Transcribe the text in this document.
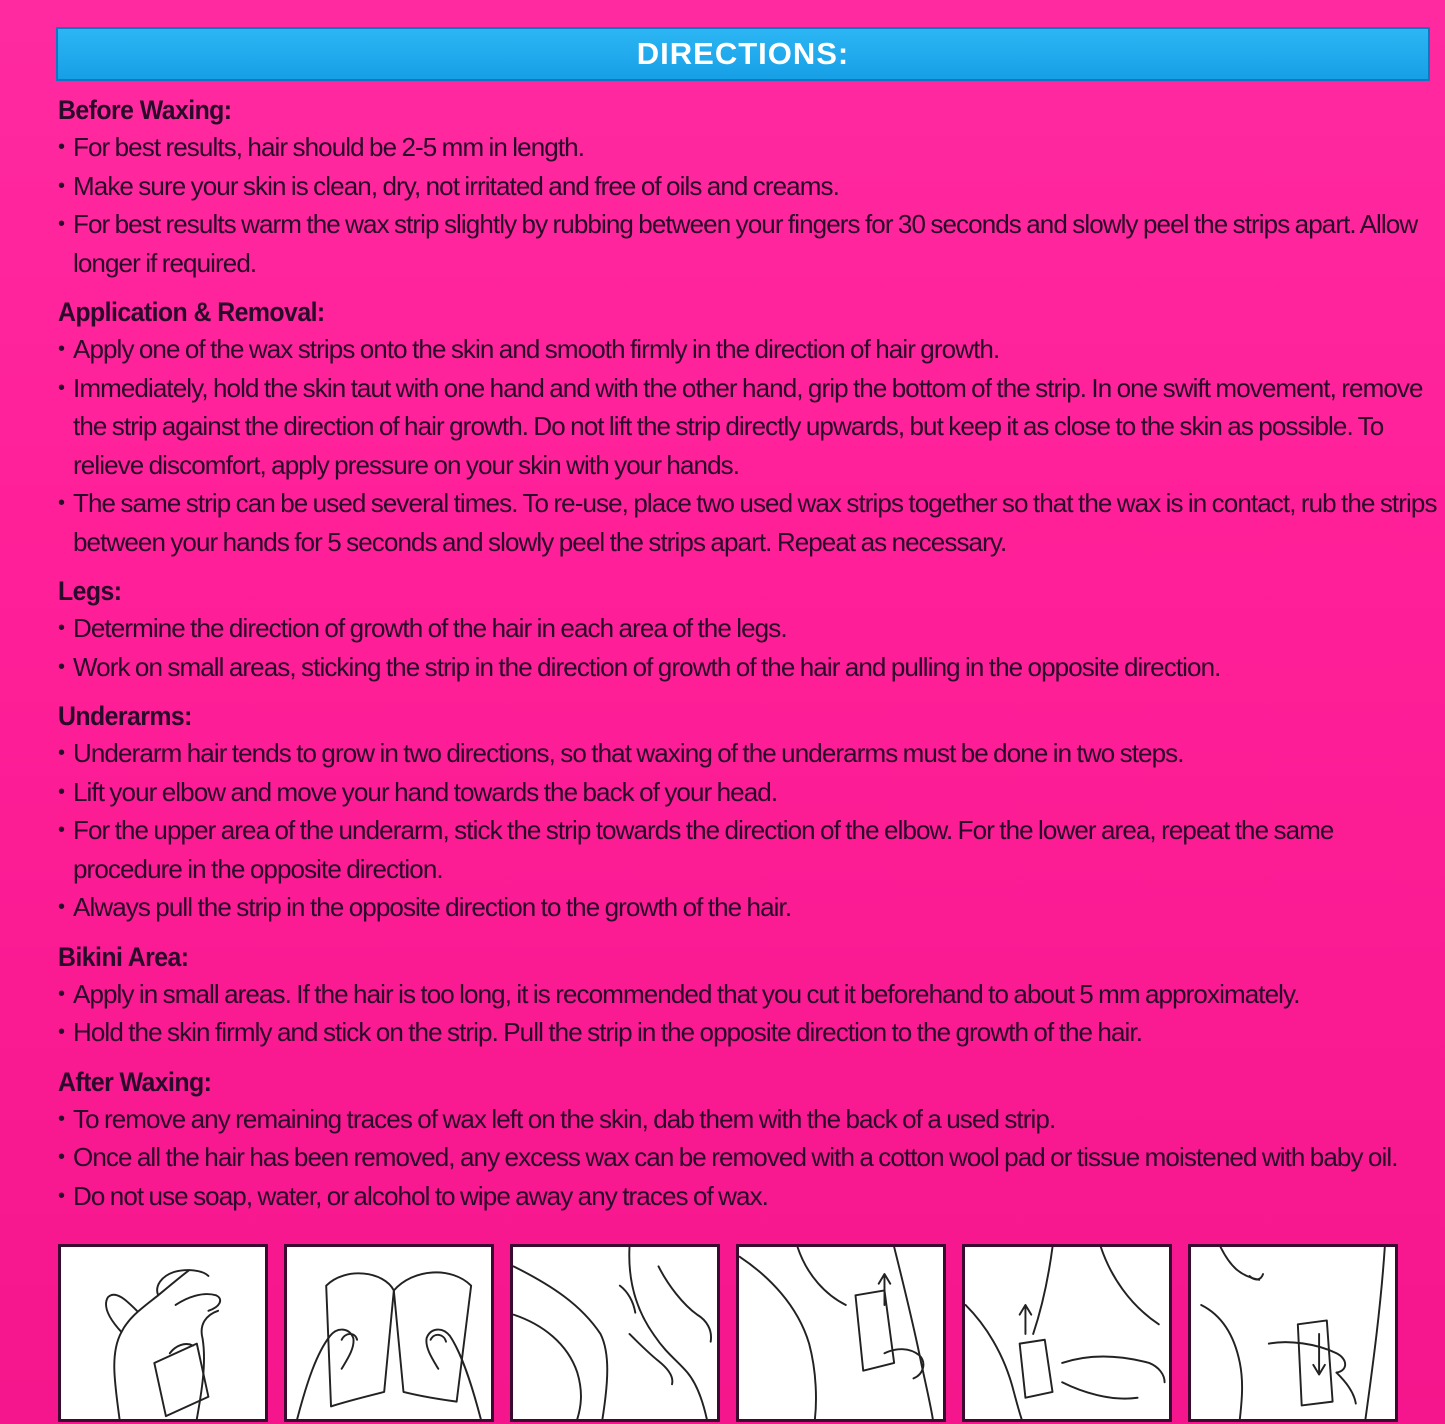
DIRECTIONS:
Before Waxing:
• For best results, hair should be 2-5 mm in length.
• Make sure your skin is clean, dry, not irritated and free of oils and creams.
• For best results warm the wax strip slightly by rubbing between your fingers for 30 seconds and slowly peel the strips apart. Allow longer if required.
Application & Removal:
• Apply one of the wax strips onto the skin and smooth firmly in the direction of hair growth.
• Immediately, hold the skin taut with one hand and with the other hand, grip the bottom of the strip. In one swift movement, remove the strip against the direction of hair growth. Do not lift the strip directly upwards, but keep it as close to the skin as possible. To relieve discomfort, apply pressure on your skin with your hands.
• The same strip can be used several times. To re-use, place two used wax strips together so that the wax is in contact, rub the strips between your hands for 5 seconds and slowly peel the strips apart. Repeat as necessary.
Legs:
• Determine the direction of growth of the hair in each area of the legs.
• Work on small areas, sticking the strip in the direction of growth of the hair and pulling in the opposite direction.
Underarms:
• Underarm hair tends to grow in two directions, so that waxing of the underarms must be done in two steps.
• Lift your elbow and move your hand towards the back of your head.
• For the upper area of the underarm, stick the strip towards the direction of the elbow. For the lower area, repeat the same procedure in the opposite direction.
• Always pull the strip in the opposite direction to the growth of the hair.
Bikini Area:
• Apply in small areas. If the hair is too long, it is recommended that you cut it beforehand to about 5 mm approximately.
• Hold the skin firmly and stick on the strip. Pull the strip in the opposite direction to the growth of the hair.
After Waxing:
• To remove any remaining traces of wax left on the skin, dab them with the back of a used strip.
• Once all the hair has been removed, any excess wax can be removed with a cotton wool pad or tissue moistened with baby oil.
• Do not use soap, water, or alcohol to wipe away any traces of wax.
